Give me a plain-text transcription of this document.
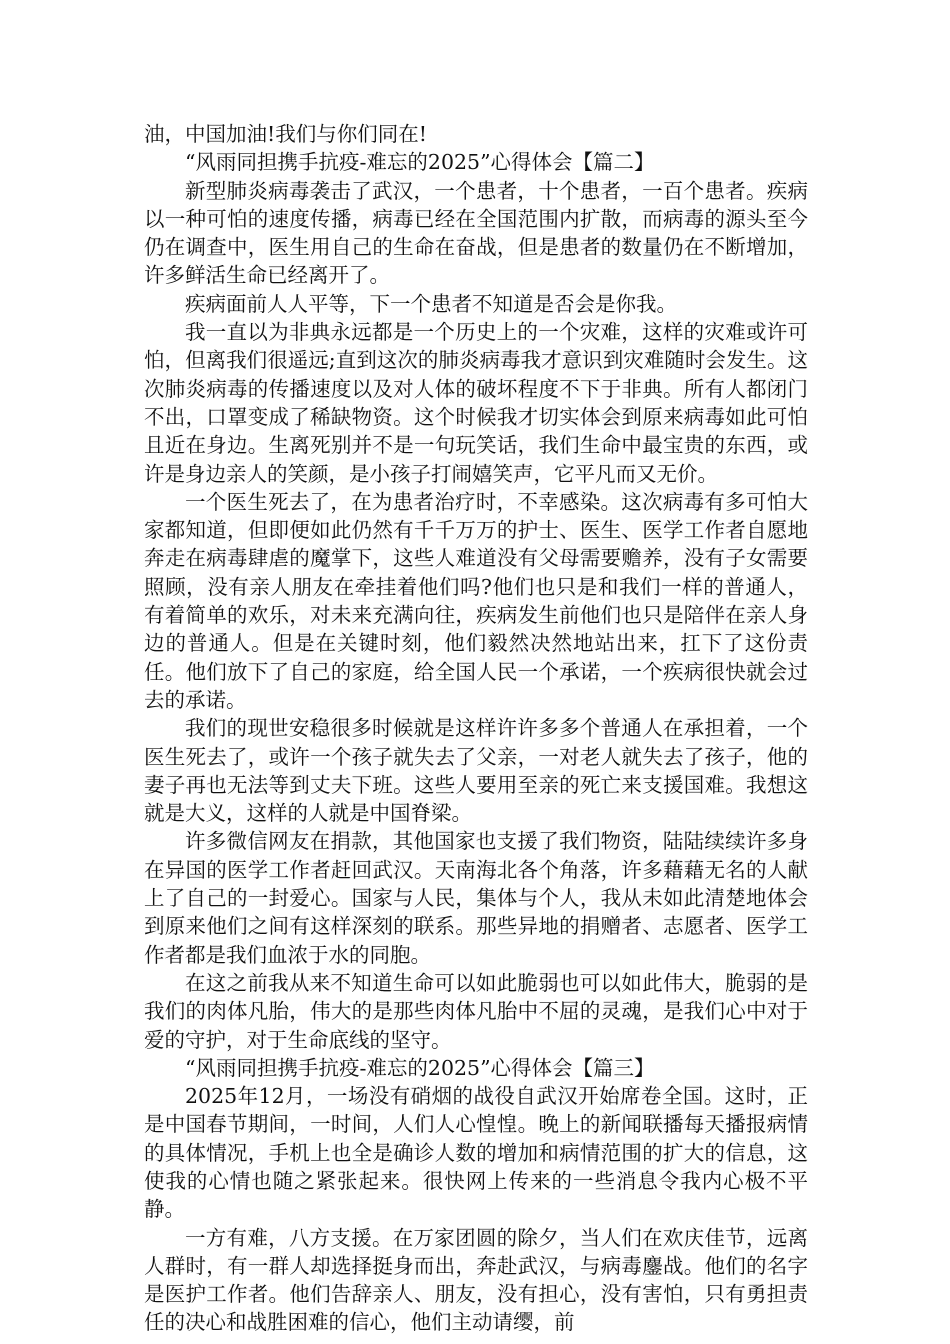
油，中国加油!我们与你们同在!

“风雨同担携手抗疫-难忘的2025”心得体会【篇二】

新型肺炎病毒袭击了武汉，一个患者，十个患者，一百个患者。疾病以一种可怕的速度传播，病毒已经在全国范围内扩散，而病毒的源头至今仍在调查中，医生用自己的生命在奋战，但是患者的数量仍在不断增加，许多鲜活生命已经离开了。

疾病面前人人平等，下一个患者不知道是否会是你我。

我一直以为非典永远都是一个历史上的一个灾难，这样的灾难或许可怕，但离我们很遥远;直到这次的肺炎病毒我才意识到灾难随时会发生。这次肺炎病毒的传播速度以及对人体的破坏程度不下于非典。所有人都闭门不出，口罩变成了稀缺物资。这个时候我才切实体会到原来病毒如此可怕且近在身边。生离死别并不是一句玩笑话，我们生命中最宝贵的东西，或许是身边亲人的笑颜，是小孩子打闹嬉笑声，它平凡而又无价。

一个医生死去了，在为患者治疗时，不幸感染。这次病毒有多可怕大家都知道，但即便如此仍然有千千万万的护士、医生、医学工作者自愿地奔走在病毒肆虐的魔掌下，这些人难道没有父母需要赡养，没有子女需要照顾，没有亲人朋友在牵挂着他们吗?他们也只是和我们一样的普通人，有着简单的欢乐，对未来充满向往，疾病发生前他们也只是陪伴在亲人身边的普通人。但是在关键时刻，他们毅然决然地站出来，扛下了这份责任。他们放下了自己的家庭，给全国人民一个承诺，一个疾病很快就会过去的承诺。

我们的现世安稳很多时候就是这样许许多多个普通人在承担着，一个医生死去了，或许一个孩子就失去了父亲，一对老人就失去了孩子，他的妻子再也无法等到丈夫下班。这些人要用至亲的死亡来支援国难。我想这就是大义，这样的人就是中国脊梁。

许多微信网友在捐款，其他国家也支援了我们物资，陆陆续续许多身在异国的医学工作者赶回武汉。天南海北各个角落，许多藉藉无名的人献上了自己的一封爱心。国家与人民，集体与个人，我从未如此清楚地体会到原来他们之间有这样深刻的联系。那些异地的捐赠者、志愿者、医学工作者都是我们血浓于水的同胞。

在这之前我从来不知道生命可以如此脆弱也可以如此伟大，脆弱的是我们的肉体凡胎，伟大的是那些肉体凡胎中不屈的灵魂，是我们心中对于爱的守护，对于生命底线的坚守。

“风雨同担携手抗疫-难忘的2025”心得体会【篇三】

2025年12月，一场没有硝烟的战役自武汉开始席卷全国。这时，正是中国春节期间，一时间，人们人心惶惶。晚上的新闻联播每天播报病情的具体情况，手机上也全是确诊人数的增加和病情范围的扩大的信息，这使我的心情也随之紧张起来。很快网上传来的一些消息令我内心极不平静。

一方有难，八方支援。在万家团圆的除夕，当人们在欢庆佳节，远离人群时，有一群人却选择挺身而出，奔赴武汉，与病毒鏖战。他们的名字是医护工作者。他们告辞亲人、朋友，没有担心，没有害怕，只有勇担责任的决心和战胜困难的信心，他们主动请缨，前
